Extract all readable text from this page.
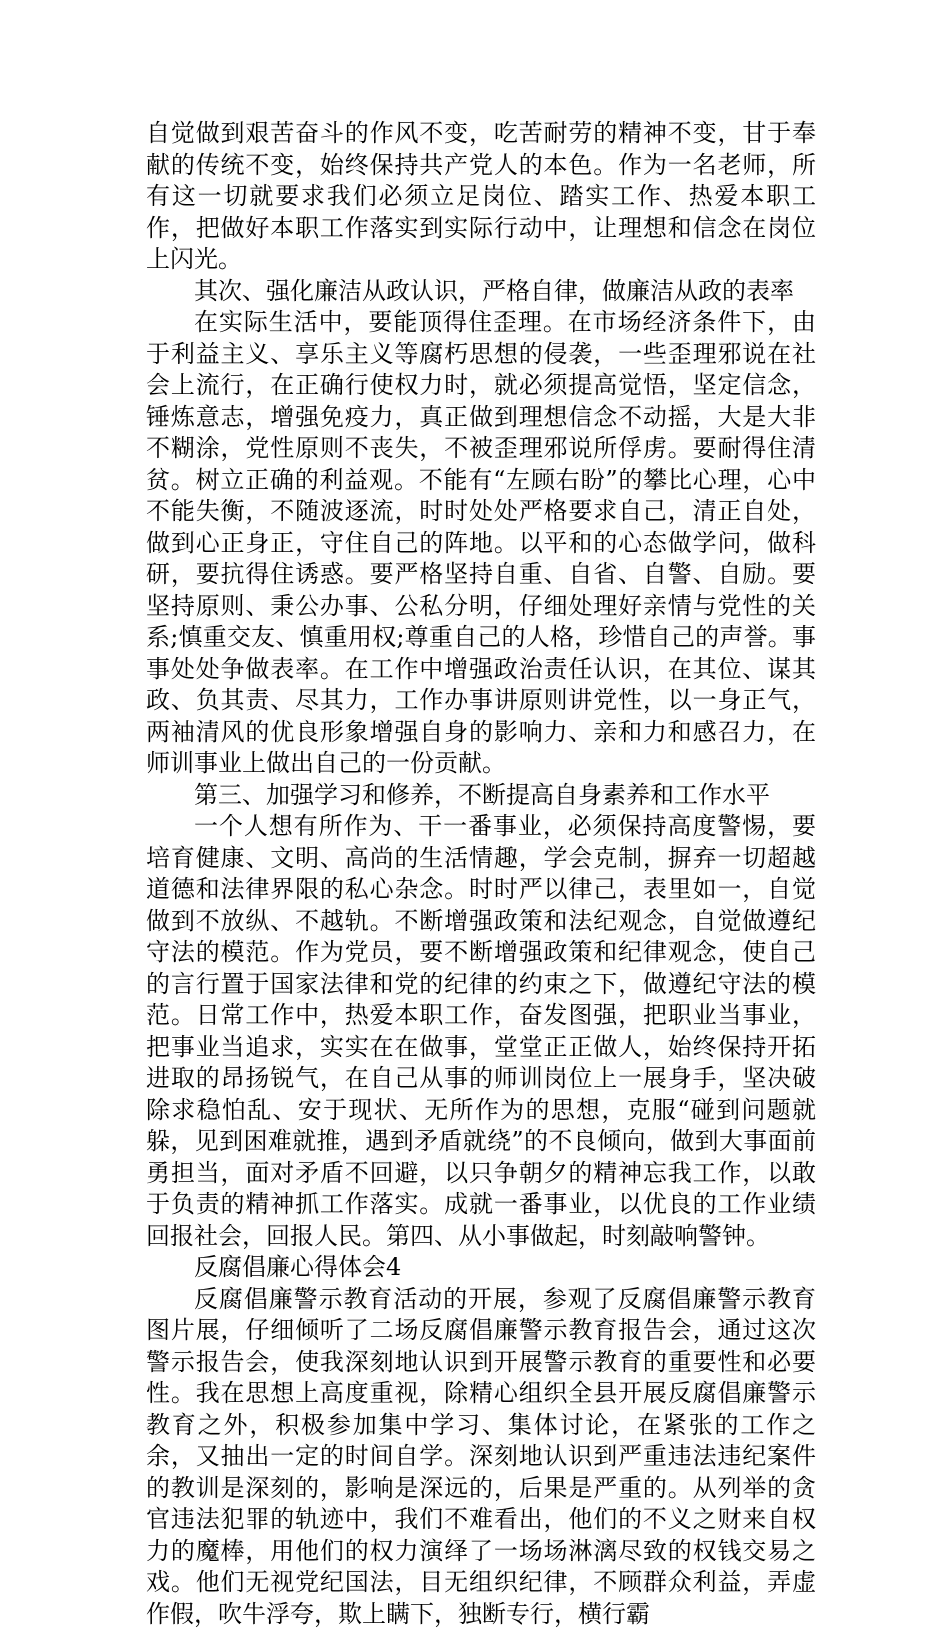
自觉做到艰苦奋斗的作风不变，吃苦耐劳的精神不变，甘于奉献的传统不变，始终保持共产党人的本色。作为一名老师，所有这一切就要求我们必须立足岗位、踏实工作、热爱本职工作，把做好本职工作落实到实际行动中，让理想和信念在岗位上闪光。

其次、强化廉洁从政认识，严格自律，做廉洁从政的表率

在实际生活中，要能顶得住歪理。在市场经济条件下，由于利益主义、享乐主义等腐朽思想的侵袭，一些歪理邪说在社会上流行，在正确行使权力时，就必须提高觉悟，坚定信念，锤炼意志，增强免疫力，真正做到理想信念不动摇，大是大非不糊涂，党性原则不丧失，不被歪理邪说所俘虏。要耐得住清贫。树立正确的利益观。不能有“左顾右盼”的攀比心理，心中不能失衡，不随波逐流，时时处处严格要求自己，清正自处，做到心正身正，守住自己的阵地。以平和的心态做学问，做科研，要抗得住诱惑。要严格坚持自重、自省、自警、自励。要坚持原则、秉公办事、公私分明，仔细处理好亲情与党性的关系;慎重交友、慎重用权;尊重自己的人格，珍惜自己的声誉。事事处处争做表率。在工作中增强政治责任认识，在其位、谋其政、负其责、尽其力，工作办事讲原则讲党性，以一身正气，两袖清风的优良形象增强自身的影响力、亲和力和感召力，在师训事业上做出自己的一份贡献。

第三、加强学习和修养，不断提高自身素养和工作水平

一个人想有所作为、干一番事业，必须保持高度警惕，要培育健康、文明、高尚的生活情趣，学会克制，摒弃一切超越道德和法律界限的私心杂念。时时严以律己，表里如一，自觉做到不放纵、不越轨。不断增强政策和法纪观念，自觉做遵纪守法的模范。作为党员，要不断增强政策和纪律观念，使自己的言行置于国家法律和党的纪律的约束之下，做遵纪守法的模范。日常工作中，热爱本职工作，奋发图强，把职业当事业，把事业当追求，实实在在做事，堂堂正正做人，始终保持开拓进取的昂扬锐气，在自己从事的师训岗位上一展身手，坚决破除求稳怕乱、安于现状、无所作为的思想，克服“碰到问题就躲，见到困难就推，遇到矛盾就绕”的不良倾向，做到大事面前勇担当，面对矛盾不回避，以只争朝夕的精神忘我工作，以敢于负责的精神抓工作落实。成就一番事业，以优良的工作业绩回报社会，回报人民。第四、从小事做起，时刻敲响警钟。

反腐倡廉心得体会4

反腐倡廉警示教育活动的开展，参观了反腐倡廉警示教育图片展，仔细倾听了二场反腐倡廉警示教育报告会，通过这次警示报告会，使我深刻地认识到开展警示教育的重要性和必要性。我在思想上高度重视，除精心组织全县开展反腐倡廉警示教育之外，积极参加集中学习、集体讨论，在紧张的工作之余，又抽出一定的时间自学。深刻地认识到严重违法违纪案件的教训是深刻的，影响是深远的，后果是严重的。从列举的贪官违法犯罪的轨迹中，我们不难看出，他们的不义之财来自权力的魔棒，用他们的权力演绎了一场场淋漓尽致的权钱交易之戏。他们无视党纪国法，目无组织纪律，不顾群众利益，弄虚作假，吹牛浮夸，欺上瞒下，独断专行，横行霸
